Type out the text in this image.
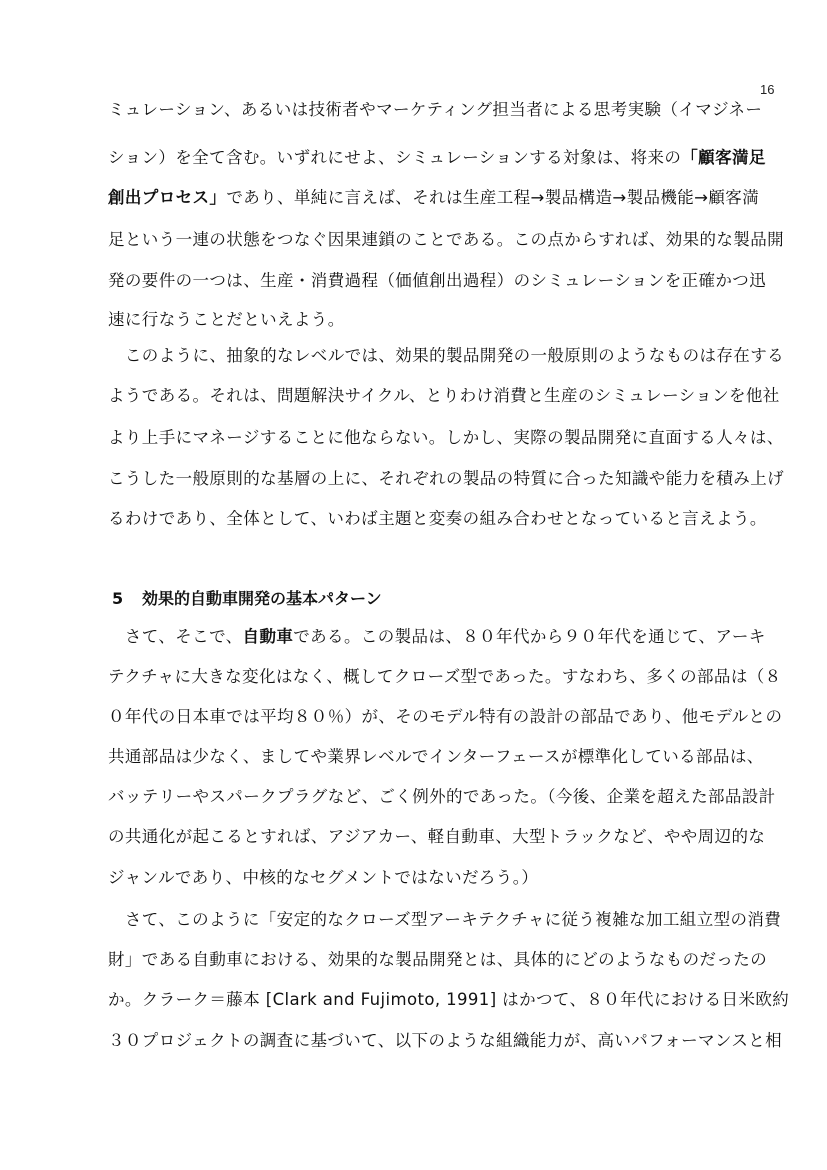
16
5 効果的自動車開発の基本パターン
ミュレーション、あるいは技術者やマーケティング担当者による思考実験（イマジネー
ション）を全て含む。いずれにせよ、シミュレーションする対象は、将来の「顧客満足
創出プロセス」であり、単純に言えば、それは生産工程→製品構造→製品機能→顧客満
足という一連の状態をつなぐ因果連鎖のことである。この点からすれば、効果的な製品開
発の要件の一つは、生産・消費過程（価値創出過程）のシミュレーションを正確かつ迅
速に行なうことだといえよう。
　このように、抽象的なレベルでは、効果的製品開発の一般原則のようなものは存在する
ようである。それは、問題解決サイクル、とりわけ消費と生産のシミュレーションを他社
より上手にマネージすることに他ならない。しかし、実際の製品開発に直面する人々は、
こうした一般原則的な基層の上に、それぞれの製品の特質に合った知識や能力を積み上げ
るわけであり、全体として、いわば主題と変奏の組み合わせとなっていると言えよう。
　さて、そこで、自動車である。この製品は、８０年代から９０年代を通じて、アーキ
テクチャに大きな変化はなく、概してクローズ型であった。すなわち、多くの部品は（８
０年代の日本車では平均８０％）が、そのモデル特有の設計の部品であり、他モデルとの
共通部品は少なく、ましてや業界レベルでインターフェースが標準化している部品は、
バッテリーやスパークプラグなど、ごく例外的であった。（今後、企業を超えた部品設計
の共通化が起こるとすれば、アジアカー、軽自動車、大型トラックなど、やや周辺的な
ジャンルであり、中核的なセグメントではないだろう。）
　さて、このように「安定的なクローズ型アーキテクチャに従う複雑な加工組立型の消費
財」である自動車における、効果的な製品開発とは、具体的にどのようなものだったの
か。クラーク＝藤本 [Clark and Fujimoto, 1991] はかつて、８０年代における日米欧約
３０プロジェクトの調査に基づいて、以下のような組織能力が、高いパフォーマンスと相
